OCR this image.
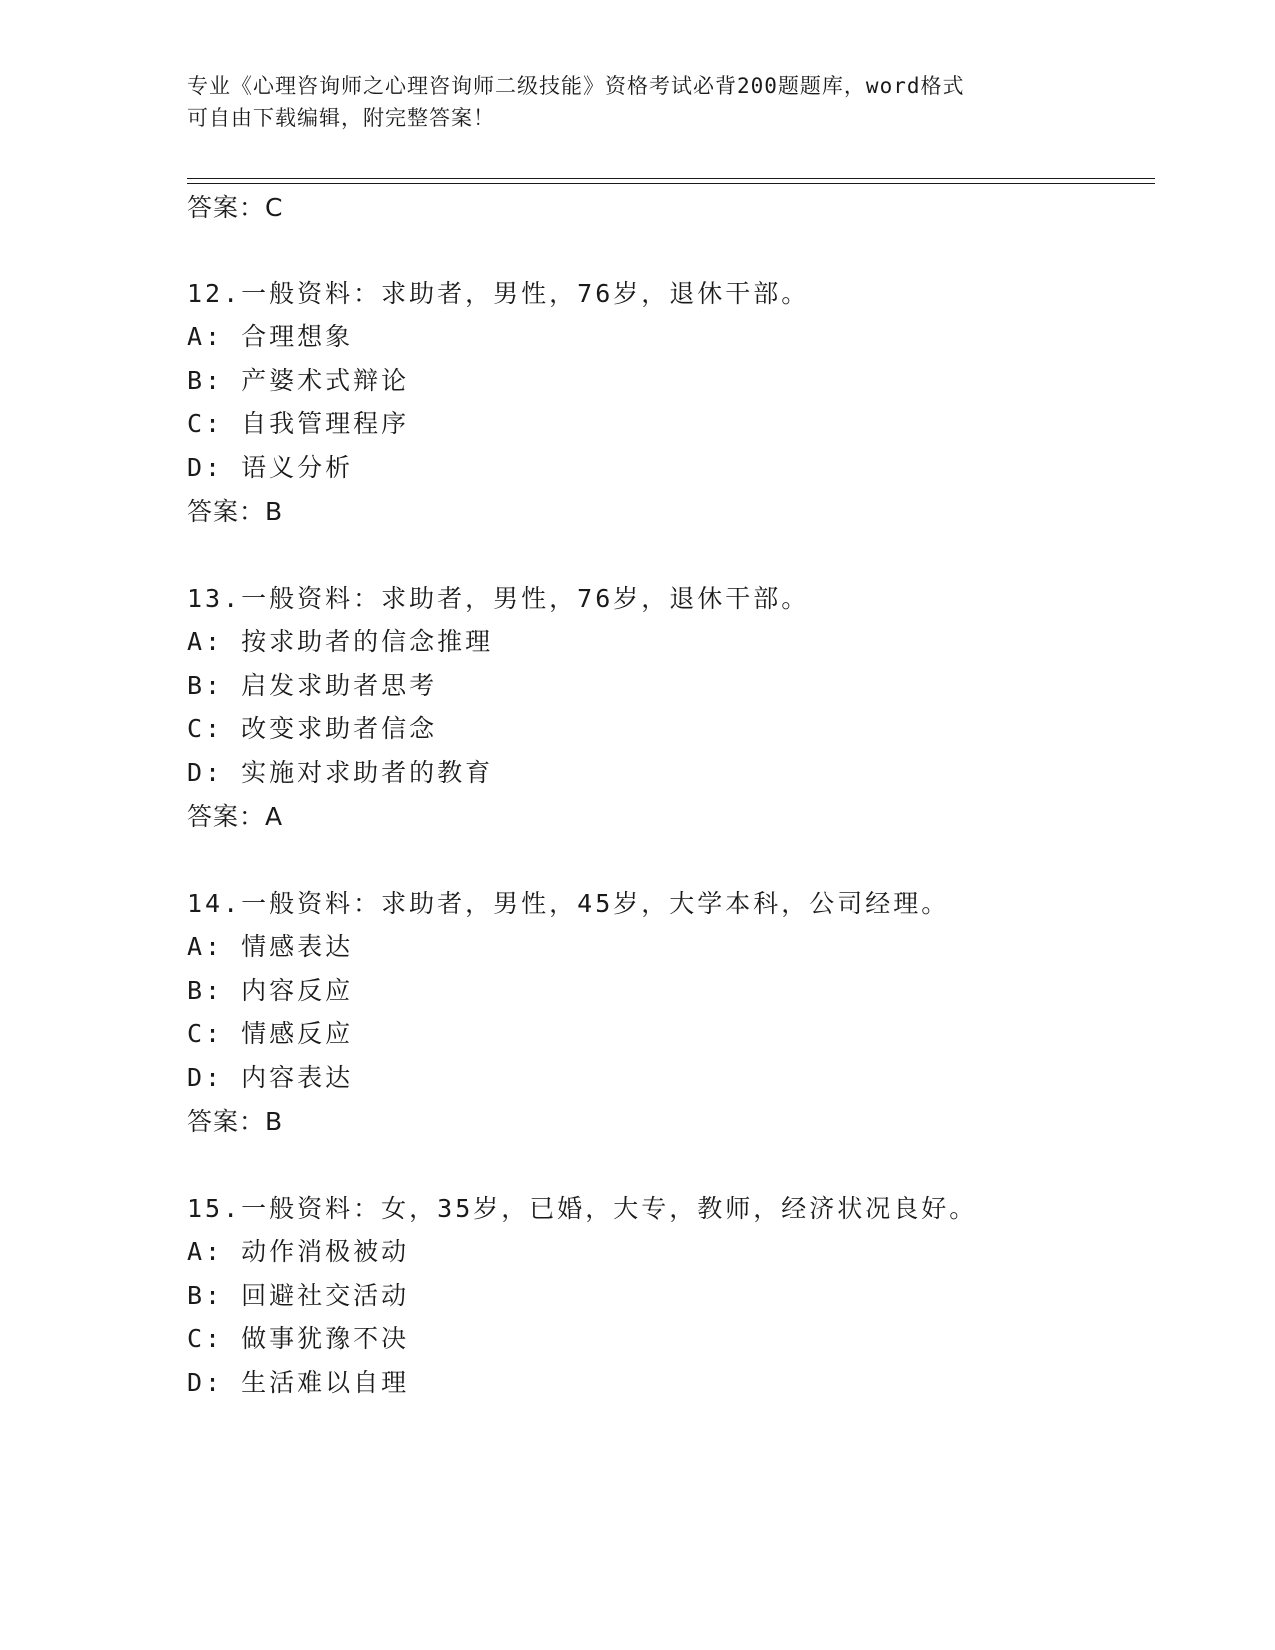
专业《心理咨询师之心理咨询师二级技能》资格考试必背200题题库，word格式
可自由下载编辑，附完整答案！
答案：C
12.一般资料：求助者，男性，76岁，退休干部。
A: 合理想象
B: 产婆术式辩论
C: 自我管理程序
D: 语义分析
答案：B
13.一般资料：求助者，男性，76岁，退休干部。
A: 按求助者的信念推理
B: 启发求助者思考
C: 改变求助者信念
D: 实施对求助者的教育
答案：A
14.一般资料：求助者，男性，45岁，大学本科，公司经理。
A: 情感表达
B: 内容反应
C: 情感反应
D: 内容表达
答案：B
15.一般资料：女，35岁，已婚，大专，教师，经济状况良好。
A: 动作消极被动
B: 回避社交活动
C: 做事犹豫不决
D: 生活难以自理
